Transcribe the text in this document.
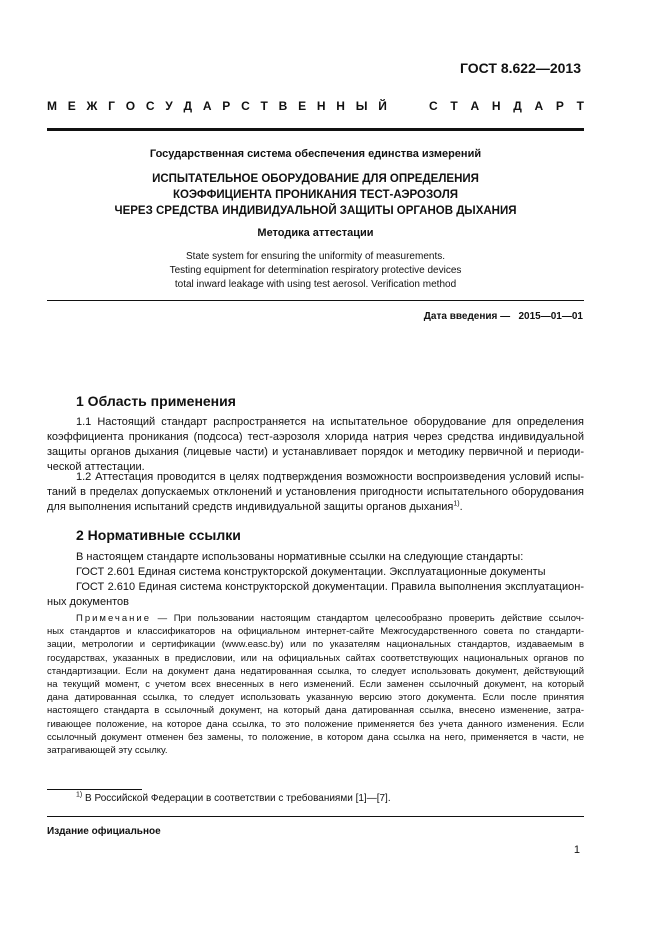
ГОСТ 8.622—2013
М Е Ж Г О С У Д А Р С Т В Е Н Н Ы Й	С Т А Н Д А Р Т
Государственная система обеспечения единства измерений
ИСПЫТАТЕЛЬНОЕ ОБОРУДОВАНИЕ ДЛЯ ОПРЕДЕЛЕНИЯ
КОЭФФИЦИЕНТА ПРОНИКАНИЯ ТЕСТ-АЭРОЗОЛЯ
ЧЕРЕЗ СРЕДСТВА ИНДИВИДУАЛЬНОЙ ЗАЩИТЫ ОРГАНОВ ДЫХАНИЯ
Методика аттестации
State system for ensuring the uniformity of measurements.
Testing equipment for determination respiratory protective devices
total inward leakage with using test aerosol. Verification method
Дата введения — 2015—01—01
1 Область применения
1.1 Настоящий стандарт распространяется на испытательное оборудование для определения
коэффициента проникания (подсоса) тест-аэрозоля хлорида натрия через средства индивидуальной
защиты органов дыхания (лицевые части) и устанавливает порядок и методику первичной и периоди-
ческой аттестации.
1.2 Аттестация проводится в целях подтверждения возможности воспроизведения условий испы-
таний в пределах допускаемых отклонений и установления пригодности испытательного оборудования
для выполнения испытаний средств индивидуальной защиты органов дыхания$^{1)}$.
2 Нормативные ссылки
В настоящем стандарте использованы нормативные ссылки на следующие стандарты:
ГОСТ 2.601 Единая система конструкторской документации. Эксплуатационные документы
ГОСТ 2.610 Единая система конструкторской документации. Правила выполнения эксплуатацион-
ных документов
Примечание — При пользовании настоящим стандартом целесообразно проверить действие ссылоч-
ных стандартов и классификаторов на официальном интернет-сайте Межгосударственного совета по стандарти-
зации, метрологии и сертификации (www.easc.by) или по указателям национальных стандартов, издаваемым в
государствах, указанных в предисловии, или на официальных сайтах соответствующих национальных органов по
стандартизации. Если на документ дана недатированная ссылка, то следует использовать документ, действующий
на текущий момент, с учетом всех внесенных в него изменений. Если заменен ссылочный документ, на который
дана датированная ссылка, то следует использовать указанную версию этого документа. Если после принятия
настоящего стандарта в ссылочный документ, на который дана датированная ссылка, внесено изменение, затра-
гивающее положение, на которое дана ссылка, то это положение применяется без учета данного изменения. Если
ссылочный документ отменен без замены, то положение, в котором дана ссылка на него, применяется в части, не
затрагивающей эту ссылку.
$^{1)}$ В Российской Федерации в соответствии с требованиями [1]—[7].
Издание официальное
1
